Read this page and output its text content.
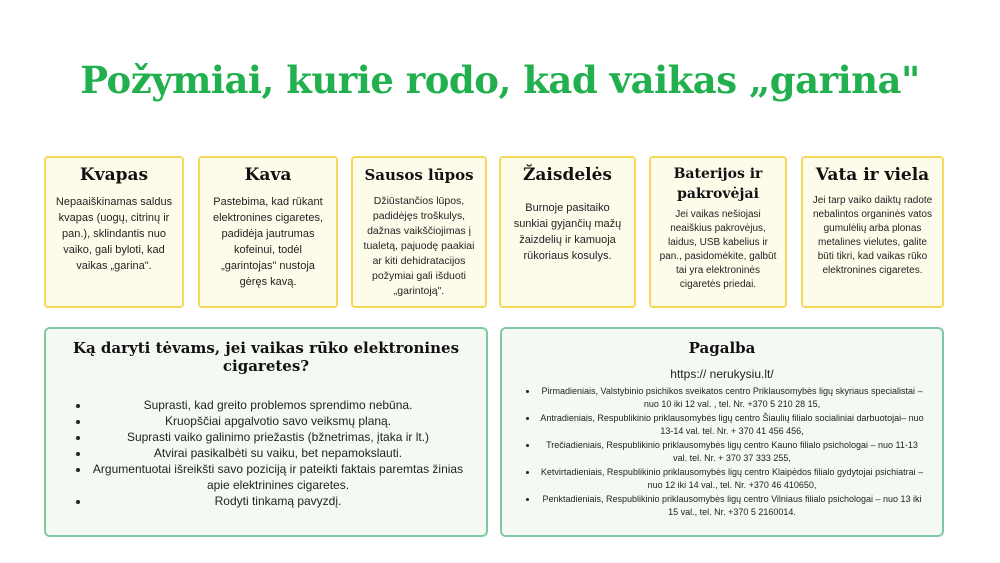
Požymiai, kurie rodo, kad vaikas „garina"
Kvapas

Nepaaiškinamas saldus kvapas (uogų, citrinų ir pan.), sklindantis nuo vaiko, gali byloti, kad vaikas „garina".

Kava

Pastebima, kad rūkant elektronines cigaretes, padidėja jautrumas kofeinui, todėl „garintojas" nustoja gėręs kavą.

Sausos lūpos

Džiūstančios lūpos, padidėjęs troškulys, dažnas vaikščiojimas į tualetą, pajuodę paakiai ar kiti dehidratacijos požymiai gali išduoti „garintoją".

Žaisdelės

Burnoje pasitaiko sunkiai gyjančių mažų žaizdelių ir kamuoja rūkoriaus kosulys.

Baterijos ir pakrovėjai

Jei vaikas nešiojasi neaiškius pakrovėjus, laidus, USB kabelius ir pan., pasidomėkite, galbūt tai yra elektroninės cigaretės priedai.

Vata ir viela

Jei tarp vaiko daiktų radote nebalintos organinės vatos gumulėlių arba plonas metalines vielutes, galite būti tikri, kad vaikas rūko elektronines cigaretes.

Ką daryti tėvams, jei vaikas rūko elektronines cigaretes?
• Suprasti, kad greito problemos sprendimo nebūna.
• Kruopščiai apgalvotio savo veiksmų planą.
• Suprasti vaiko galinimo priežastis (bžnetrimas, įtaka ir lt.)
• Atvirai pasikalbėti su vaiku, bet nepamokslauti.
• Argumentuotai išreikšti savo poziciją ir pateikti faktais paremtas žinias apie elektrinines cigaretes.
• Rodyti tinkamą pavyzdį.
Pagalba
https:// nerukysiu.lt/
• Pirmadieniais, Valstybinio psichikos sveikatos centro Priklausomybės ligų skyriaus specialistai – nuo 10 iki 12 val. , tel. Nr. +370 5 210 28 15,
• Antradieniais, Respublikinio priklausomybės ligų centro Šiaulių filialo socialiniai darbuotojai– nuo 13-14 val. tel. Nr. + 370 41 456 456,
• Trečiadieniais, Respublikinio priklausomybės ligų centro Kauno filialo psichologai – nuo 11-13 val. tel. Nr. + 370 37 333 255,
• Ketvirtadieniais, Respublikinio priklausomybės ligų centro Klaipėdos filialo gydytojai psichiatrai – nuo 12 iki 14 val., tel. Nr. +370 46 410650,
• Penktadieniais, Respublikinio priklausomybės ligų centro Vilniaus filialo psichologai – nuo 13 iki 15 val., tel. Nr. +370 5 2160014.
